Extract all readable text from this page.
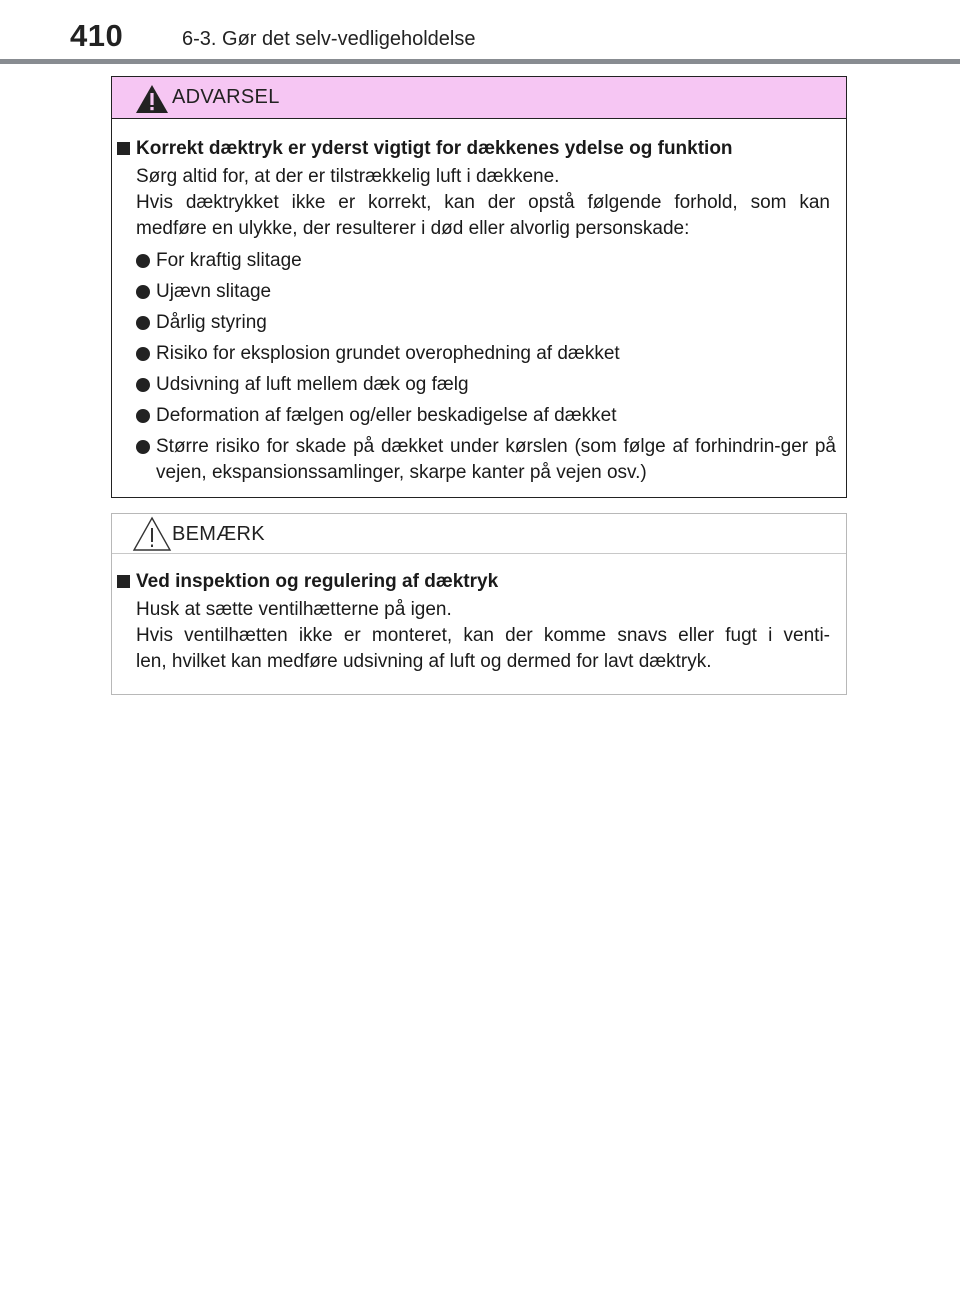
410	6-3. Gør det selv-vedligeholdelse
ADVARSEL
Korrekt dæktryk er yderst vigtigt for dækkenes ydelse og funktion
Sørg altid for, at der er tilstrækkelig luft i dækkene.
Hvis dæktrykket ikke er korrekt, kan der opstå følgende forhold, som kan
medføre en ulykke, der resulterer i død eller alvorlig personskade:
For kraftig slitage
Ujævn slitage
Dårlig styring
Risiko for eksplosion grundet overophedning af dækket
Udsivning af luft mellem dæk og fælg
Deformation af fælgen og/eller beskadigelse af dækket
Større risiko for skade på dækket under kørslen (som følge af forhindrin-ger på vejen, ekspansionssamlinger, skarpe kanter på vejen osv.)
BEMÆRK
Ved inspektion og regulering af dæktryk
Husk at sætte ventilhætterne på igen.
Hvis ventilhætten ikke er monteret, kan der komme snavs eller fugt i venti-
len, hvilket kan medføre udsivning af luft og dermed for lavt dæktryk.
